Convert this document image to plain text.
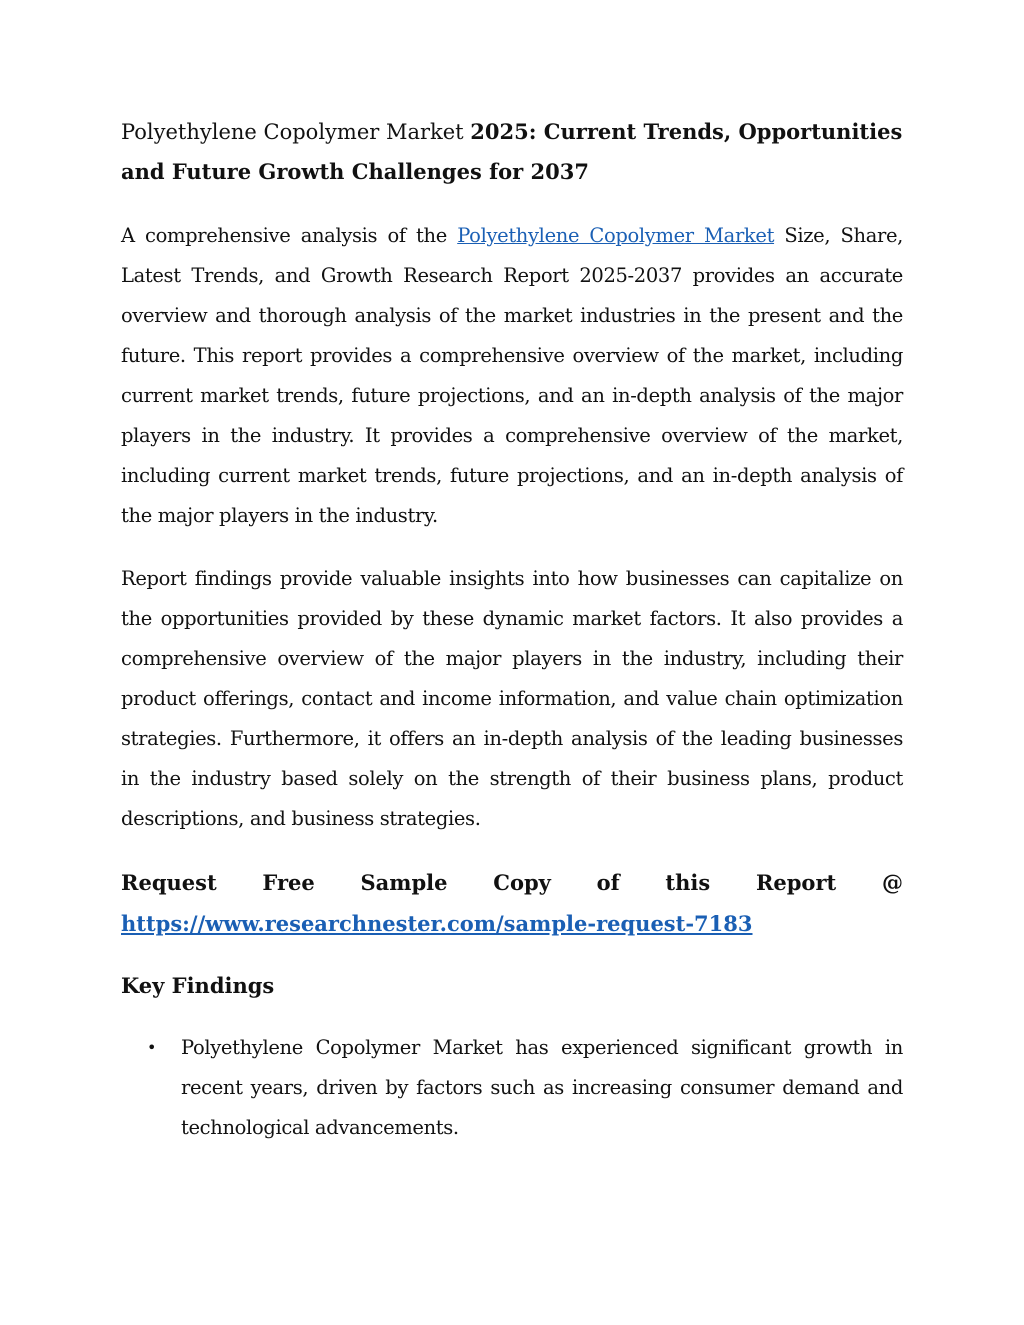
Polyethylene Copolymer Market 2025: Current Trends, Opportunities and Future Growth Challenges for 2037

A comprehensive analysis of the Polyethylene Copolymer Market Size, Share, Latest Trends, and Growth Research Report 2025-2037 provides an accurate overview and thorough analysis of the market industries in the present and the future. This report provides a comprehensive overview of the market, including current market trends, future projections, and an in-depth analysis of the major players in the industry. It provides a comprehensive overview of the market, including current market trends, future projections, and an in-depth analysis of the major players in the industry.

Report findings provide valuable insights into how businesses can capitalize on the opportunities provided by these dynamic market factors. It also provides a comprehensive overview of the major players in the industry, including their product offerings, contact and income information, and value chain optimization strategies. Furthermore, it offers an in-depth analysis of the leading businesses in the industry based solely on the strength of their business plans, product descriptions, and business strategies.

Request Free Sample Copy of this Report @
https://www.researchnester.com/sample-request-7183
Key Findings
• Polyethylene Copolymer Market has experienced significant growth in recent years, driven by factors such as increasing consumer demand and technological advancements.
